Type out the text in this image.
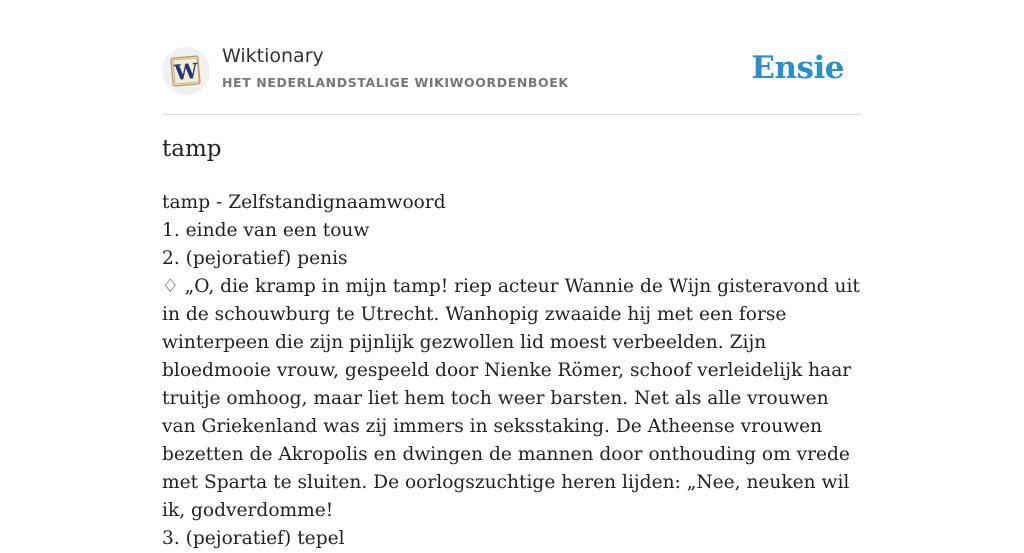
W
Wiktionary
HET NEDERLANDSTALIGE WIKIWOORDENBOEK	Ensie
tamp
tamp - Zelfstandignaamwoord
1. einde van een touw
2. (pejoratief) penis
♢ „O, die kramp in mijn tamp! riep acteur Wannie de Wijn gisteravond uit in de schouwburg te Utrecht. Wanhopig zwaaide hij met een forse winterpeen die zijn pijnlijk gezwollen lid moest verbeelden. Zijn bloedmooie vrouw, gespeeld door Nienke Römer, schoof verleidelijk haar truitje omhoog, maar liet hem toch weer barsten. Net als alle vrouwen van Griekenland was zij immers in seksstaking. De Atheense vrouwen bezetten de Akropolis en dwingen de mannen door onthouding om vrede met Sparta te sluiten. De oorlogszuchtige heren lijden: „Nee, neuken wil ik, godverdomme!
3. (pejoratief) tepel
